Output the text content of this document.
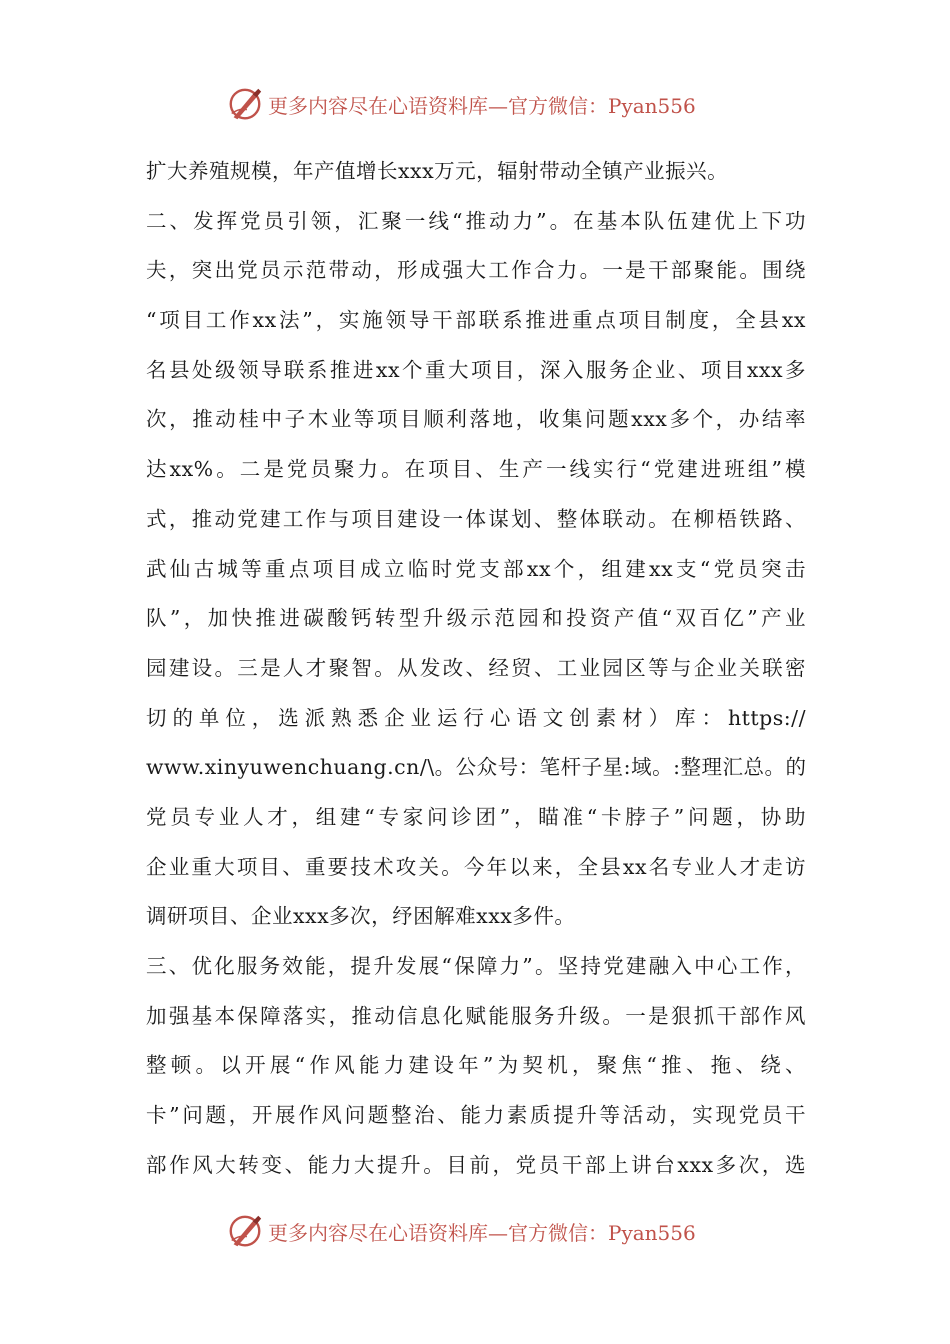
更多内容尽在心语资料库—官方微信：Pyan556
扩大养殖规模，年产值增长xxx万元，辐射带动全镇产业振兴。
二、发挥党员引领，汇聚一线“推动力”。在基本队伍建优上下功
夫，突出党员示范带动，形成强大工作合力。一是干部聚能。围绕
“项目工作xx法”，实施领导干部联系推进重点项目制度，全县xx
名县处级领导联系推进xx个重大项目，深入服务企业、项目xxx多
次，推动桂中子木业等项目顺利落地，收集问题xxx多个，办结率
达xx%。二是党员聚力。在项目、生产一线实行“党建进班组”模
式，推动党建工作与项目建设一体谋划、整体联动。在柳梧铁路、
武仙古城等重点项目成立临时党支部xx个，组建xx支“党员突击
队”，加快推进碳酸钙转型升级示范园和投资产值“双百亿”产业
园建设。三是人才聚智。从发改、经贸、工业园区等与企业关联密
切的单位，选派熟悉企业运行心语文创素材）库：https://
www.xinyuwenchuang.cn/\。公众号：笔杆子星:域。:整理汇总。的
党员专业人才，组建“专家问诊团”，瞄准“卡脖子”问题，协助
企业重大项目、重要技术攻关。今年以来，全县xx名专业人才走访
调研项目、企业xxx多次，纾困解难xxx多件。
三、优化服务效能，提升发展“保障力”。坚持党建融入中心工作，
加强基本保障落实，推动信息化赋能服务升级。一是狠抓干部作风
整顿。以开展“作风能力建设年”为契机，聚焦“推、拖、绕、
卡”问题，开展作风问题整治、能力素质提升等活动，实现党员干
部作风大转变、能力大提升。目前，党员干部上讲台xxx多次，选
更多内容尽在心语资料库—官方微信：Pyan556
